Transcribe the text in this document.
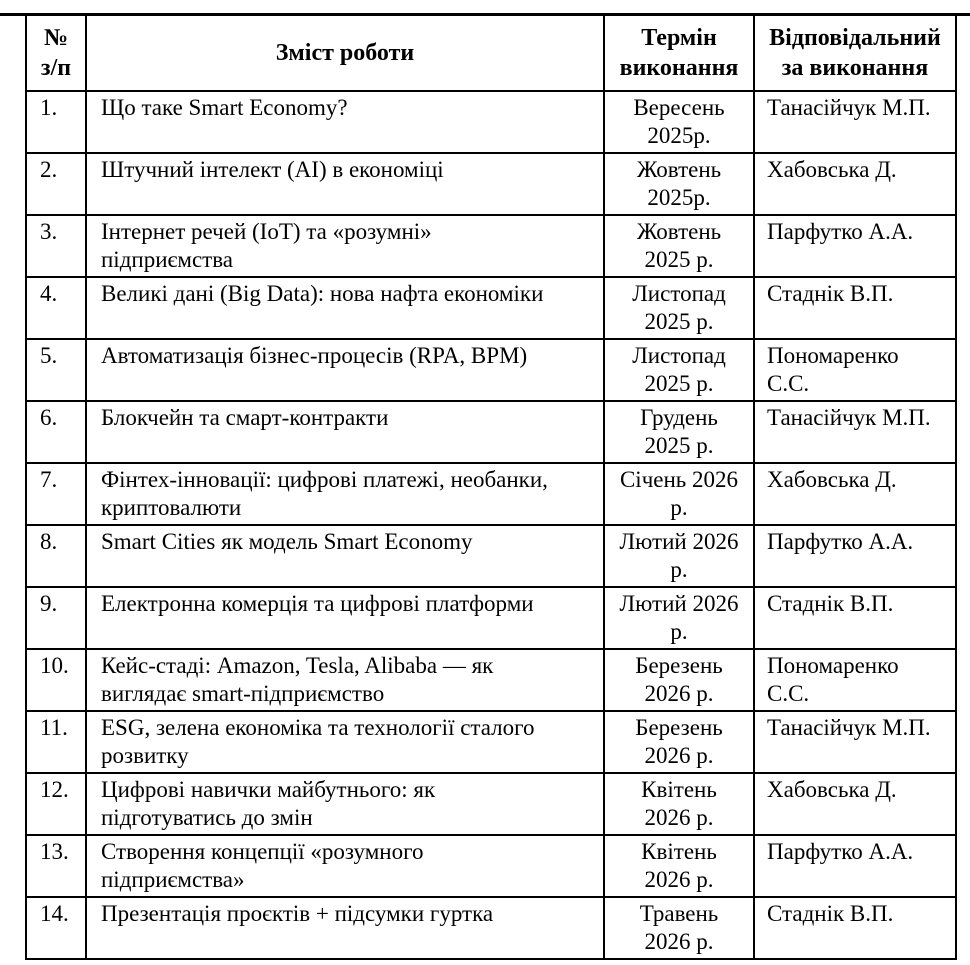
№ з/п	Зміст роботи	Термін виконання	Відповідальний за виконання
1.	Що таке Smart Economy?	Вересень 2025р.	Танасійчук М.П.
2.	Штучний інтелект (AI) в економіці	Жовтень 2025р.	Хабовська Д.
3.	Інтернет речей (IoT) та «розумні» підприємства	Жовтень 2025 р.	Парфутко А.А.
4.	Великі дані (Big Data): нова нафта економіки	Листопад 2025 р.	Стаднік В.П.
5.	Автоматизація бізнес-процесів (RPA, BPM)	Листопад 2025 р.	Пономаренко С.С.
6.	Блокчейн та смарт-контракти	Грудень 2025 р.	Танасійчук М.П.
7.	Фінтех-інновації: цифрові платежі, необанки, криптовалюти	Січень 2026 р.	Хабовська Д.
8.	Smart Cities як модель Smart Economy	Лютий 2026 р.	Парфутко А.А.
9.	Електронна комерція та цифрові платформи	Лютий 2026 р.	Стаднік В.П.
10.	Кейс-стаді: Amazon, Tesla, Alibaba — як виглядає smart-підприємство	Березень 2026 р.	Пономаренко С.С.
11.	ESG, зелена економіка та технології сталого розвитку	Березень 2026 р.	Танасійчук М.П.
12.	Цифрові навички майбутнього: як підготуватись до змін	Квітень 2026 р.	Хабовська Д.
13.	Створення концепції «розумного підприємства»	Квітень 2026 р.	Парфутко А.А.
14.	Презентація проєктів + підсумки гуртка	Травень 2026 р.	Стаднік В.П.
